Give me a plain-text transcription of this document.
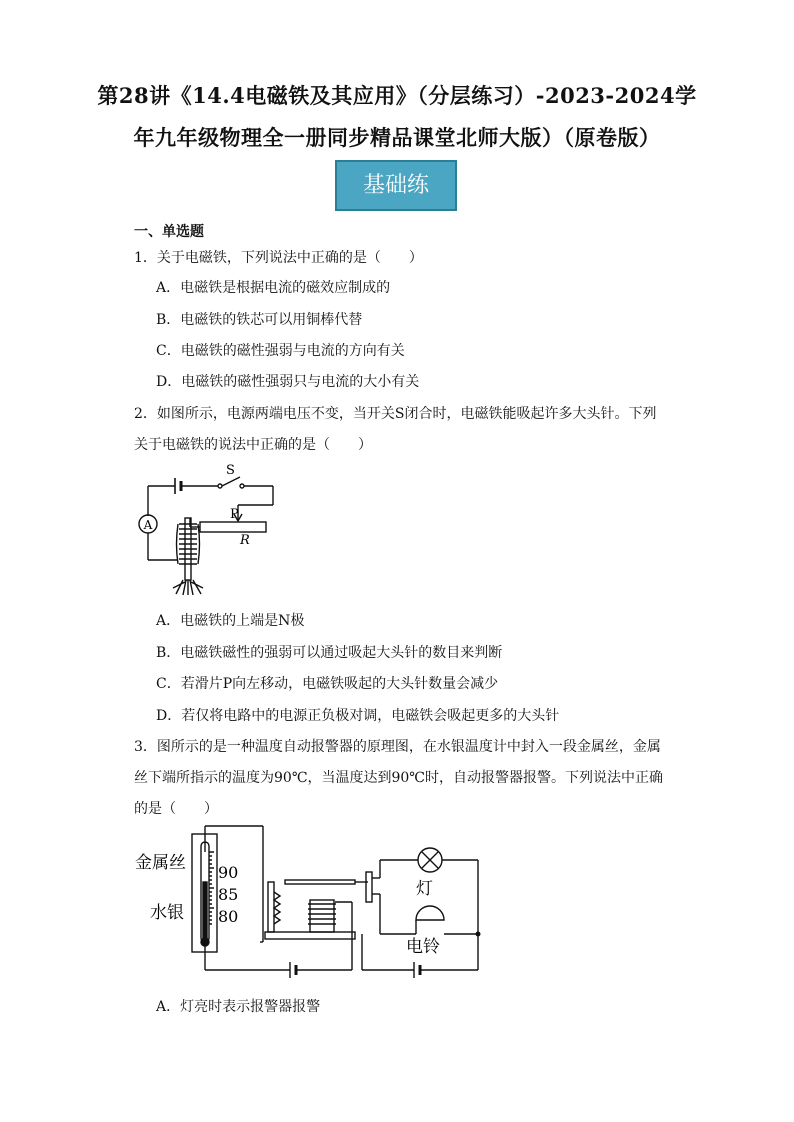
第28讲《14.4电磁铁及其应用》（分层练习）-2023-2024学
年九年级物理全一册同步精品课堂北师大版）（原卷版）
基础练
一、单选题
1．关于电磁铁，下列说法中正确的是（　　）
A．电磁铁是根据电流的磁效应制成的
B．电磁铁的铁芯可以用铜棒代替
C．电磁铁的磁性强弱与电流的方向有关
D．电磁铁的磁性强弱只与电流的大小有关
2．如图所示，电源两端电压不变，当开关S闭合时，电磁铁能吸起许多大头针。下列
关于电磁铁的说法中正确的是（　　）
A
S
P
R
A．电磁铁的上端是N极
B．电磁铁磁性的强弱可以通过吸起大头针的数目来判断
C．若滑片P向左移动，电磁铁吸起的大头针数量会减少
D．若仅将电路中的电源正负极对调，电磁铁会吸起更多的大头针
3．图所示的是一种温度自动报警器的原理图，在水银温度计中封入一段金属丝，金属
丝下端所指示的温度为90℃，当温度达到90℃时，自动报警器报警。下列说法中正确
的是（　　）
金属丝
水银
90
85
80
灯
电铃
A．灯亮时表示报警器报警
